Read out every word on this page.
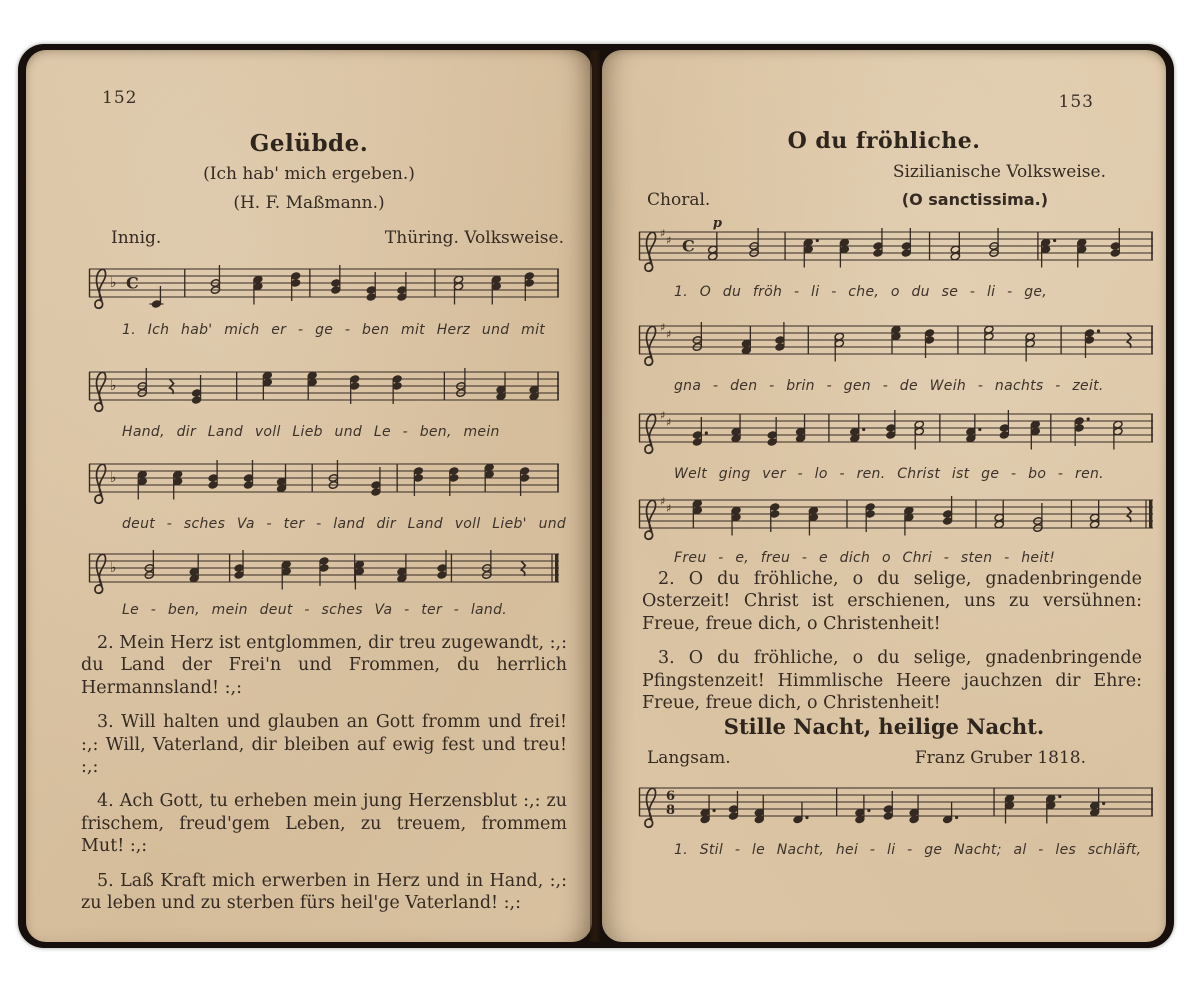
152
Gelübde.
(Ich hab' mich ergeben.)
(H. F. Maßmann.)
Innig.	Thüring. Volksweise.
♭ C
1. Ich hab' mich er - ge - ben mit Herz und mit
♭
Hand, dir Land voll Lieb und Le - ben, mein
♭
deut - sches Va - ter - land dir Land voll Lieb' und
♭
Le - ben, mein deut - sches Va - ter - land.

2. Mein Herz ist entglommen, dir treu zugewandt, :,: du Land der Frei'n und Frommen, du herrlich Hermannsland! :,:

3. Will halten und glauben an Gott fromm und frei! :,: Will, Vaterland, dir bleiben auf ewig fest und treu! :,:

4. Ach Gott, tu erheben mein jung Herzensblut :,: zu frischem, freud'gem Leben, zu treuem, frommem Mut! :,:

5. Laß Kraft mich erwerben in Herz und in Hand, :,: zu leben und zu sterben fürs heil'ge Vaterland! :,:

153
O du fröhliche.
Sizilianische Volksweise.
Choral.	(O sanctissima.)
♯
♯ C
p
1. O du fröh - li - che, o du se - li - ge,
♯
♯
gna - den - brin - gen - de Weih - nachts - zeit.
♯
♯
Welt ging ver - lo - ren. Christ ist ge - bo - ren.
♯
♯
Freu - e, freu - e dich o Chri - sten - heit!

2. O du fröhliche, o du selige, gnadenbringende Osterzeit! Christ ist erschienen, uns zu versühnen: Freue, freue dich, o Christenheit!

3. O du fröhliche, o du selige, gnadenbringende Pfingstenzeit! Himmlische Heere jauchzen dir Ehre: Freue, freue dich, o Christenheit!

Stille Nacht, heilige Nacht.
Langsam.	Franz Gruber 1818.
6
8
1. Stil - le Nacht, hei - li - ge Nacht; al - les schläft,
